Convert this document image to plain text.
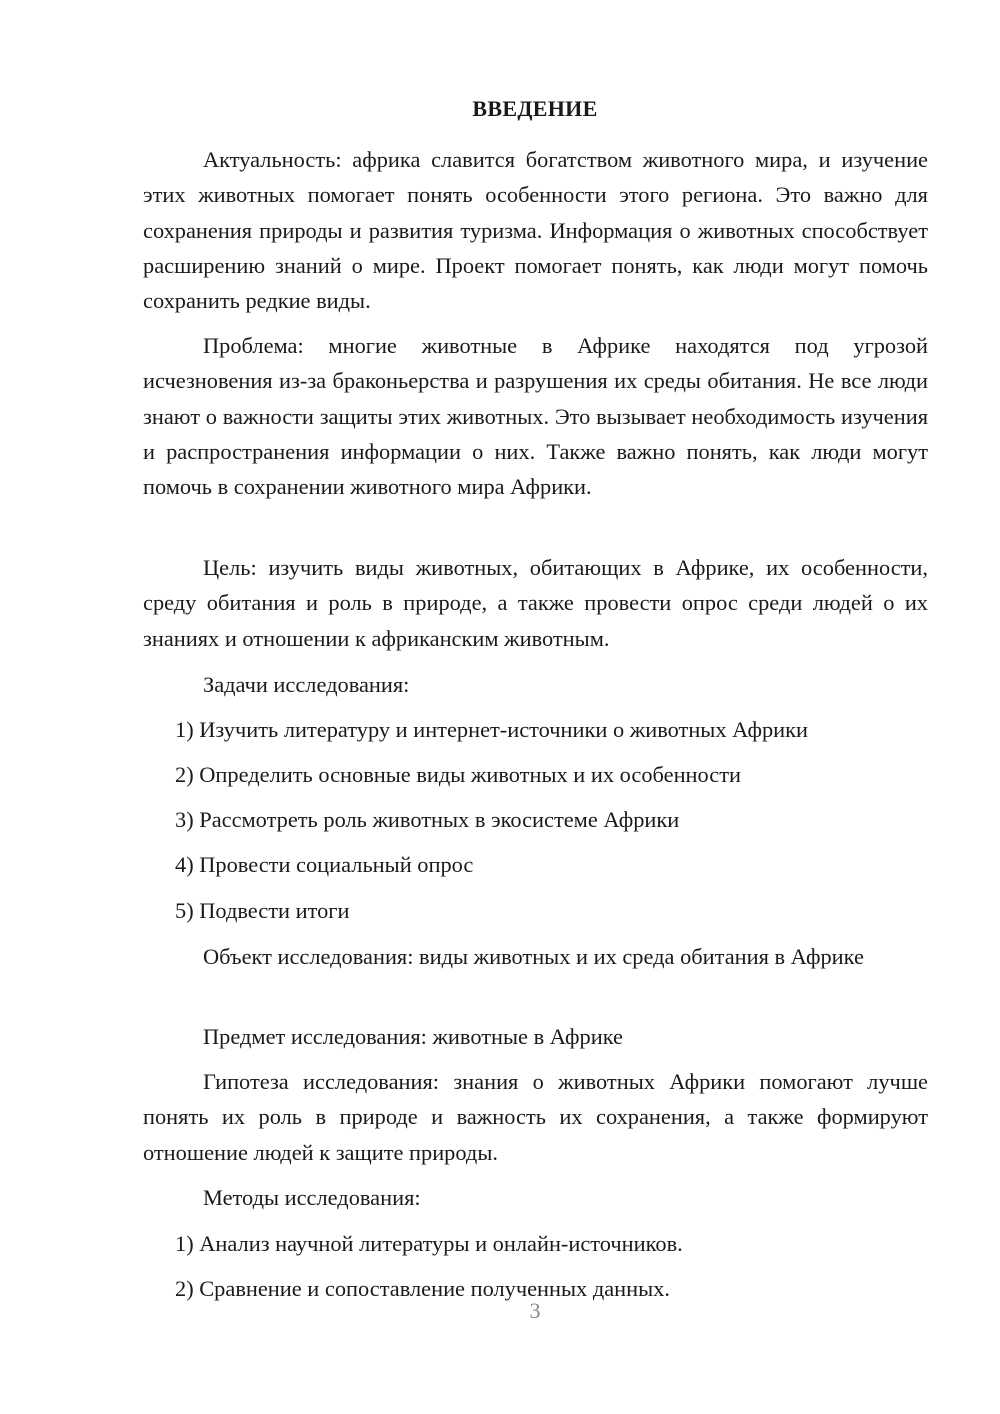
ВВЕДЕНИЕ

Актуальность: африка славится богатством животного мира, и изучение этих животных помогает понять особенности этого региона. Это важно для сохранения природы и развития туризма. Информация о животных способствует расширению знаний о мире. Проект помогает понять, как люди могут помочь сохранить редкие виды.

Проблема: многие животные в Африке находятся под угрозой исчезновения из-за браконьерства и разрушения их среды обитания. Не все люди знают о важности защиты этих животных. Это вызывает необходимость изучения и распространения информации о них. Также важно понять, как люди могут помочь в сохранении животного мира Африки.

Цель: изучить виды животных, обитающих в Африке, их особенности, среду обитания и роль в природе, а также провести опрос среди людей о их знаниях и отношении к африканским животным.

Задачи исследования:

1) Изучить литературу и интернет-источники о животных Африки

2) Определить основные виды животных и их особенности

3) Рассмотреть роль животных в экосистеме Африки

4) Провести социальный опрос

5) Подвести итоги

Объект исследования: виды животных и их среда обитания в Африке

Предмет исследования: животные в Африке

Гипотеза исследования: знания о животных Африки помогают лучше понять их роль в природе и важность их сохранения, а также формируют отношение людей к защите природы.

Методы исследования:

1) Анализ научной литературы и онлайн-источников.

2) Сравнение и сопоставление полученных данных.

3
